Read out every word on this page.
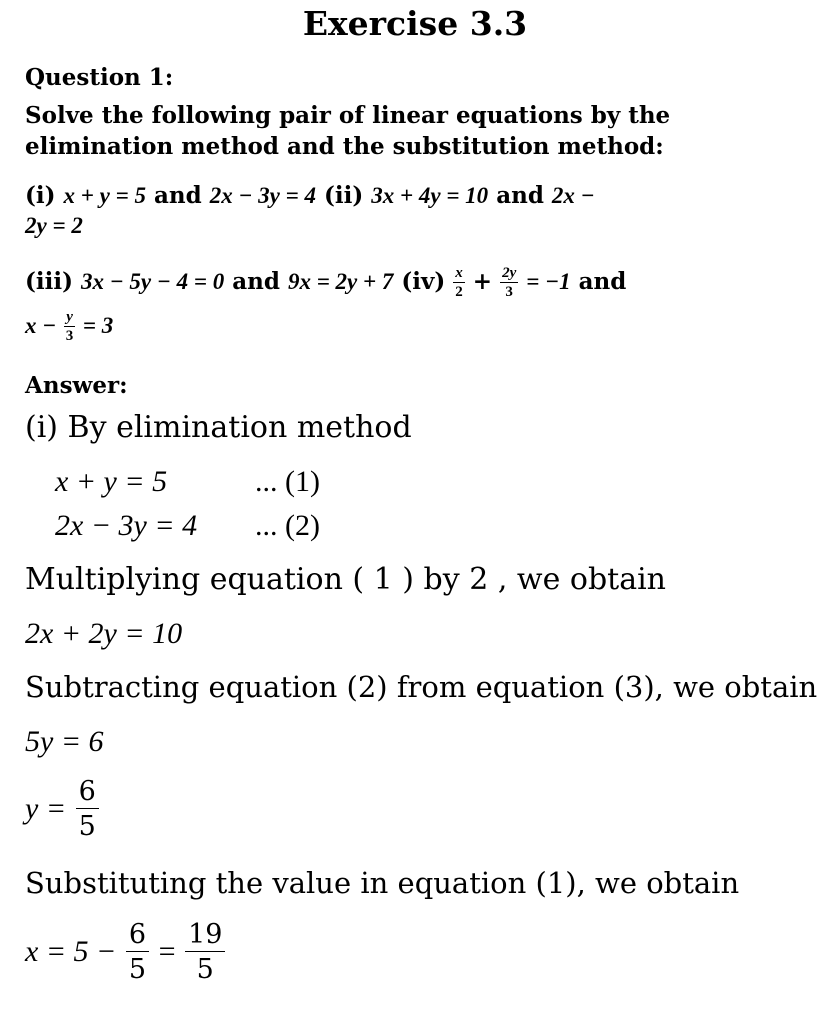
Exercise 3.3
Question 1:
Solve the following pair of linear equations by the
elimination method and the substitution method:
(i) x + y = 5 and 2x − 3y = 4 (ii) 3x + 4y = 10 and 2x −
2y = 2
(iii) 3x − 5y − 4 = 0 and 9x = 2y + 7 $(iv) \frac{x}{2} + \frac{2y}{3} = -1$ and
$x - \frac{y}{3} = 3$
Answer:
(i) By elimination method
x + y = 5	... (1)
2x − 3y = 4 ... (2)
Multiplying equation ( 1 ) by 2 , we obtain
2x + 2y = 10
Subtracting equation (2) from equation (3), we obtain
5y = 6
$y = \frac{6}{5}$
Substituting the value in equation (1), we obtain
$x = 5 - \frac{6}{5} = \frac{19}{5}$
